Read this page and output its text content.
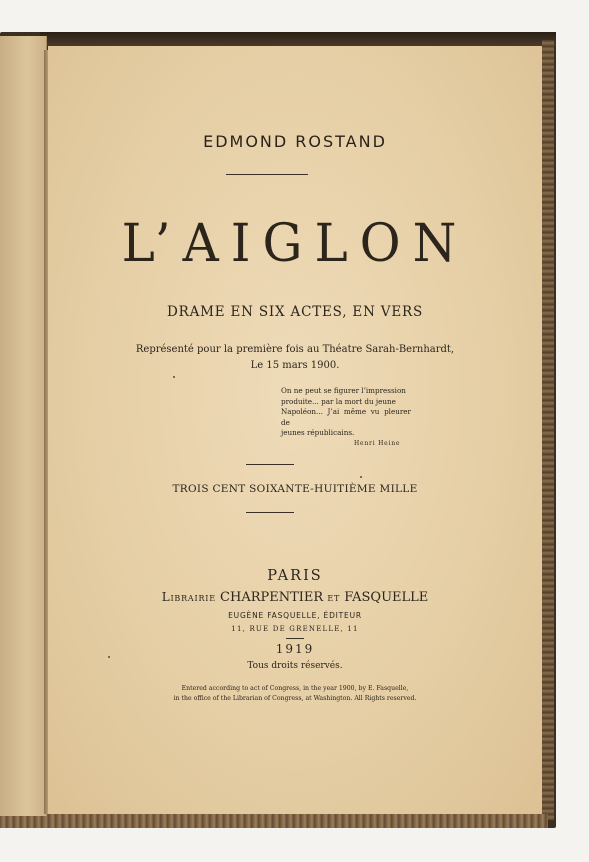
EDMOND ROSTAND
L’AIGLON
DRAME EN SIX ACTES, EN VERS
Représenté pour la première fois au Théatre Sarah-Bernhardt,
Le 15 mars 1900.
On ne peut se figurer l’impression
produite... par la mort du jeune
Napoléon... J’ai même vu pleurer de
jeunes républicains.
Henri Heine
TROIS CENT SOIXANTE-HUITIÈME MILLE
PARIS
Librairie CHARPENTIER et FASQUELLE
EUGÈNE FASQUELLE, ÉDITEUR
11, RUE DE GRENELLE, 11
1919
Tous droits réservés.
Entered according to act of Congress, in the year 1900, by E. Fasquelle,
in the office of the Librarian of Congress, at Washington. All Rights reserved.
